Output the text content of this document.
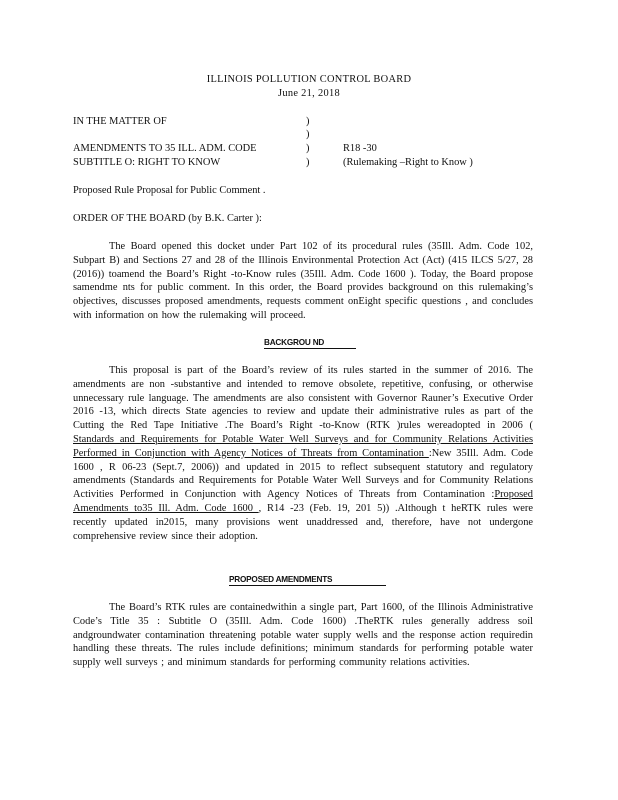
ILLINOIS POLLUTION CONTROL BOARD
June 21, 2018
IN THE MATTER OF	)
)
AMENDMENTS TO 35 ILL. ADM. CODE	)	R18 -30
SUBTITLE O: RIGHT TO KNOW	)	(Rulemaking –Right to Know )
Proposed Rule Proposal for Public Comment .
ORDER OF THE BOARD (by B.K. Carter ):

The Board opened this docket under Part 102 of its procedural rules (35Ill. Adm. Code 102, Subpart B) and Sections 27 and 28 of the Illinois Environmental Protection Act (Act) (415 ILCS 5/27, 28 (2016)) toamend the Board’s Right -to-Know rules (35Ill. Adm. Code 1600 ). Today, the Board propose samendme nts for public comment. In this order, the Board provides background on this rulemaking’s objectives, discusses proposed amendments, requests comment onEight specific questions , and concludes with information on how the rulemaking will proceed.

BACKGROU ND

This proposal is part of the Board’s review of its rules started in the summer of 2016. The amendments are non -substantive and intended to remove obsolete, repetitive, confusing, or otherwise unnecessary rule language. The amendments are also consistent with Governor Rauner’s Executive Order 2016 -13, which directs State agencies to review and update their administrative rules as part of the Cutting the Red Tape Initiative .The Board’s Right -to-Know (RTK )rules wereadopted in 2006 ( Standards and Requirements for Potable Water Well Surveys and for Community Relations Activities Performed in Conjunction with Agency Notices of Threats from Contamination :New 35Ill. Adm. Code 1600 , R 06-23 (Sept.7, 2006)) and updated in 2015 to reflect subsequent statutory and regulatory amendments (Standards and Requirements for Potable Water Well Surveys and for Community Relations Activities Performed in Conjunction with Agency Notices of Threats from Contamination :Proposed Amendments to35 Ill. Adm. Code 1600 , R14 -23 (Feb. 19, 201 5)) .Although t heRTK rules were recently updated in2015, many provisions went unaddressed and, therefore, have not undergone comprehensive review since their adoption.

PROPOSED AMENDMENTS

The Board’s RTK rules are containedwithin a single part, Part 1600, of the Illinois Administrative Code’s Title 35 : Subtitle O (35Ill. Adm. Code 1600) .TheRTK rules generally address soil andgroundwater contamination threatening potable water supply wells and the response action requiredin handling these threats. The rules include definitions; minimum standards for performing potable water supply well surveys ; and minimum standards for performing community relations activities.
